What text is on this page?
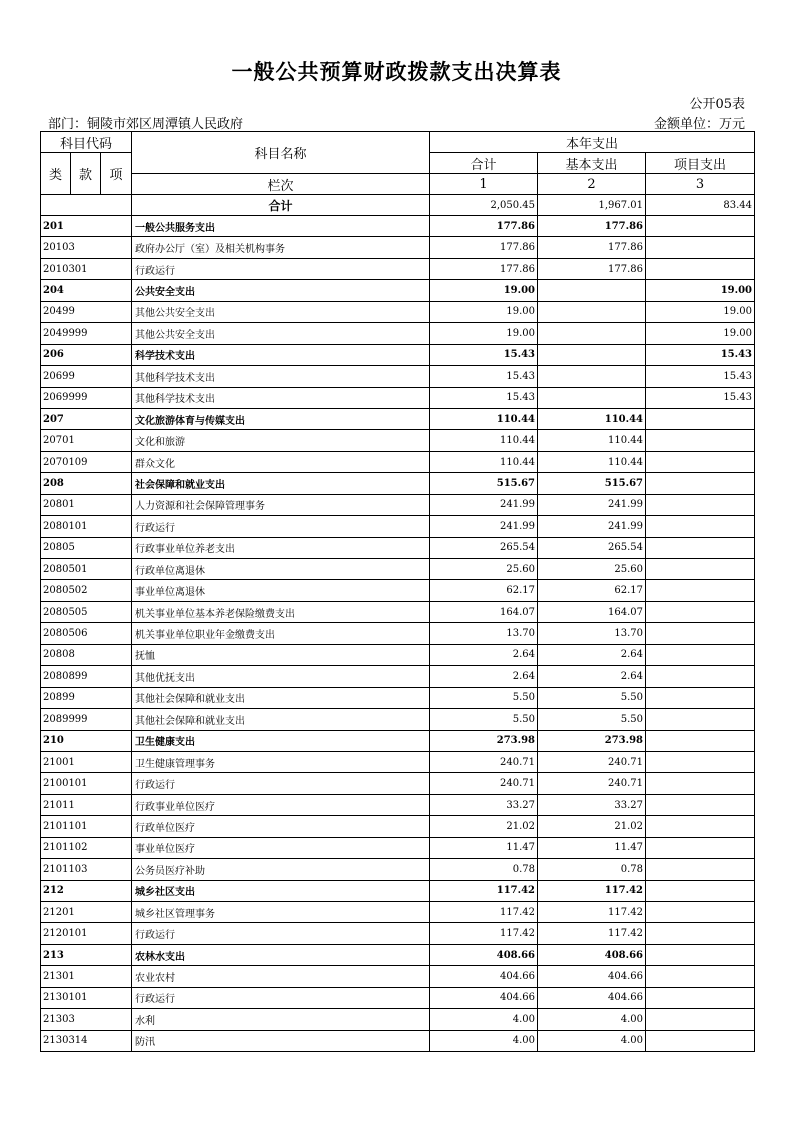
一般公共预算财政拨款支出决算表
公开05表
部门：铜陵市郊区周潭镇人民政府	金额单位：万元
科目代码			科目名称	本年支出		
				合计	基本支出	项目支出
类	款	项				
			栏次	1	2	3
			合计	2,050.45	1,967.01	83.44
201			一般公共服务支出	177.86	177.86	
20103			政府办公厅（室）及相关机构事务	177.86	177.86	
2010301			行政运行	177.86	177.86	
204			公共安全支出	19.00		19.00
20499			其他公共安全支出	19.00		19.00
2049999			其他公共安全支出	19.00		19.00
206			科学技术支出	15.43		15.43
20699			其他科学技术支出	15.43		15.43
2069999			其他科学技术支出	15.43		15.43
207			文化旅游体育与传媒支出	110.44	110.44	
20701			文化和旅游	110.44	110.44	
2070109			群众文化	110.44	110.44	
208			社会保障和就业支出	515.67	515.67	
20801			人力资源和社会保障管理事务	241.99	241.99	
2080101			行政运行	241.99	241.99	
20805			行政事业单位养老支出	265.54	265.54	
2080501			行政单位离退休	25.60	25.60	
2080502			事业单位离退休	62.17	62.17	
2080505			机关事业单位基本养老保险缴费支出	164.07	164.07	
2080506			机关事业单位职业年金缴费支出	13.70	13.70	
20808			抚恤	2.64	2.64	
2080899			其他优抚支出	2.64	2.64	
20899			其他社会保障和就业支出	5.50	5.50	
2089999			其他社会保障和就业支出	5.50	5.50	
210			卫生健康支出	273.98	273.98	
21001			卫生健康管理事务	240.71	240.71	
2100101			行政运行	240.71	240.71	
21011			行政事业单位医疗	33.27	33.27	
2101101			行政单位医疗	21.02	21.02	
2101102			事业单位医疗	11.47	11.47	
2101103			公务员医疗补助	0.78	0.78	
212			城乡社区支出	117.42	117.42	
21201			城乡社区管理事务	117.42	117.42	
2120101			行政运行	117.42	117.42	
213			农林水支出	408.66	408.66	
21301			农业农村	404.66	404.66	
2130101			行政运行	404.66	404.66	
21303			水利	4.00	4.00	
2130314			防汛	4.00	4.00	
